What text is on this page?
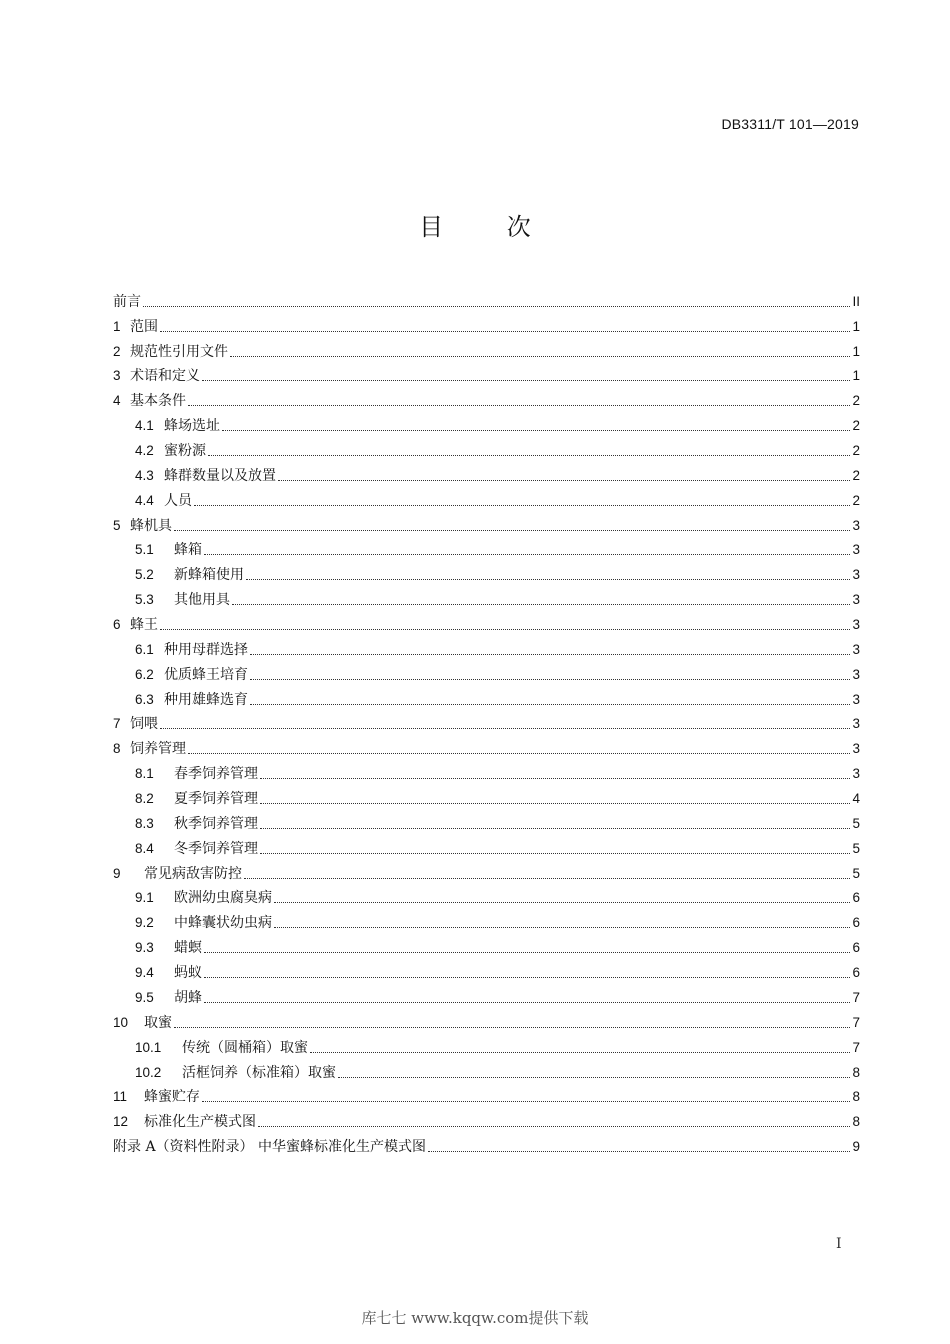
DB3311/T 101—2019
目 次
前言	II
1 范围	1
2 规范性引用文件	1
3 术语和定义	1
4 基本条件	2
4.1 蜂场选址	2
4.2 蜜粉源	2
4.3 蜂群数量以及放置	2
4.4 人员	2
5 蜂机具	3
5.1	蜂箱	3
5.2	新蜂箱使用	3
5.3	其他用具	3
6 蜂王	3
6.1 种用母群选择	3
6.2 优质蜂王培育	3
6.3 种用雄蜂选育	3
7 饲喂	3
8 饲养管理	3
8.1	春季饲养管理	3
8.2	夏季饲养管理	4
8.3	秋季饲养管理	5
8.4	冬季饲养管理	5
9	常见病敌害防控	5
9.1	欧洲幼虫腐臭病	6
9.2	中蜂囊状幼虫病	6
9.3	蜡螟	6
9.4	蚂蚁	6
9.5	胡蜂	7
10	取蜜	7
10.1	传统（圆桶箱）取蜜	7
10.2	活框饲养（标准箱）取蜜	8
11	蜂蜜贮存	8
12	标准化生产模式图	8
附录 A（资料性附录） 中华蜜蜂标准化生产模式图	9
I
库七七 www.kqqw.com提供下载
